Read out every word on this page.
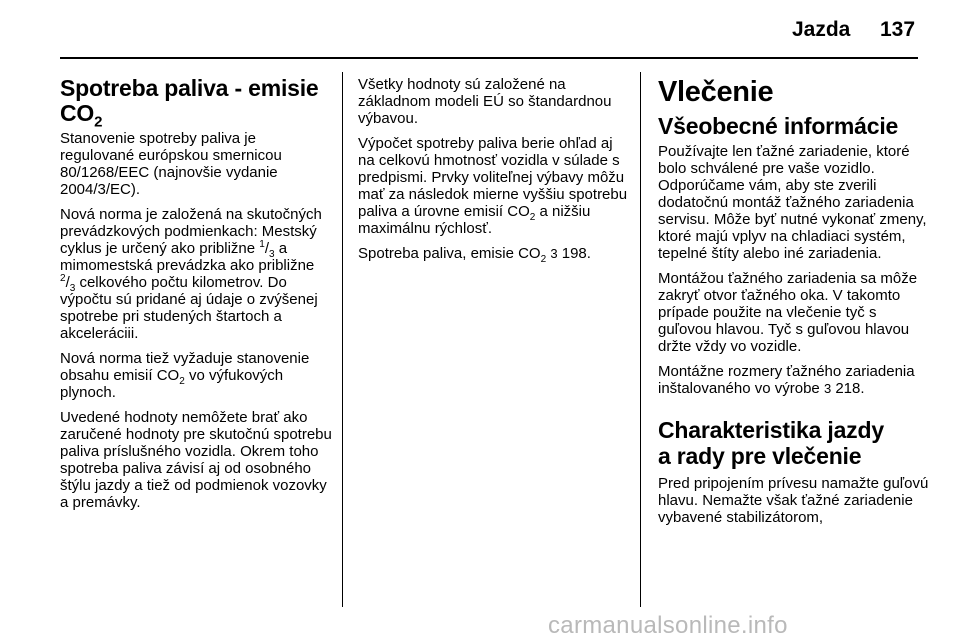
Jazda 137
Spotreba paliva - emisie
$CO_2$

Stanovenie spotreby paliva je regulované európskou smernicou 80/1268/EEC (najnovšie vydanie 2004/3/EC).

Nová norma je založená na skutočných prevádzkových podmienkach: Mestský cyklus je určený ako približne $^1/_3$ a mimomestská prevádzka ako približne $^2/_3$ celkového počtu kilometrov. Do výpočtu sú pridané aj údaje o zvýšenej spotrebe pri studených štartoch a akceleráciii.

Nová norma tiež vyžaduje stanovenie obsahu emisií $CO_2$ vo výfukových plynoch.

Uvedené hodnoty nemôžete brať ako zaručené hodnoty pre skutočnú spotrebu paliva príslušného vozidla. Okrem toho spotreba paliva závisí aj od osobného štýlu jazdy a tiež od podmienok vozovky a premávky.

Všetky hodnoty sú založené na základnom modeli EÚ so štandardnou výbavou.

Výpočet spotreby paliva berie ohľad aj na celkovú hmotnosť vozidla v súlade s predpismi. Prvky voliteľnej výbavy môžu mať za následok mierne vyššiu spotrebu paliva a úrovne emisií $CO_2$ a nižšiu maximálnu rýchlosť.

Spotreba paliva, emisie $CO_2$ 3 198.

Vlečenie
Všeobecné informácie

Používajte len ťažné zariadenie, ktoré bolo schválené pre vaše vozidlo. Odporúčame vám, aby ste zverili dodatočnú montáž ťažného zariadenia servisu. Môže byť nutné vykonať zmeny, ktoré majú vplyv na chladiaci systém, tepelné štíty alebo iné zariadenia.

Montážou ťažného zariadenia sa môže zakryť otvor ťažného oka. V takomto prípade použite na vlečenie tyč s guľovou hlavou. Tyč s guľovou hlavou držte vždy vo vozidle.

Montážne rozmery ťažného zariadenia inštalovaného vo výrobe 3 218.

Charakteristika jazdy
a rady pre vlečenie

Pred pripojením prívesu namažte guľovú hlavu. Nemažte však ťažné zariadenie vybavené stabilizátorom,

carmanualsonline.info
